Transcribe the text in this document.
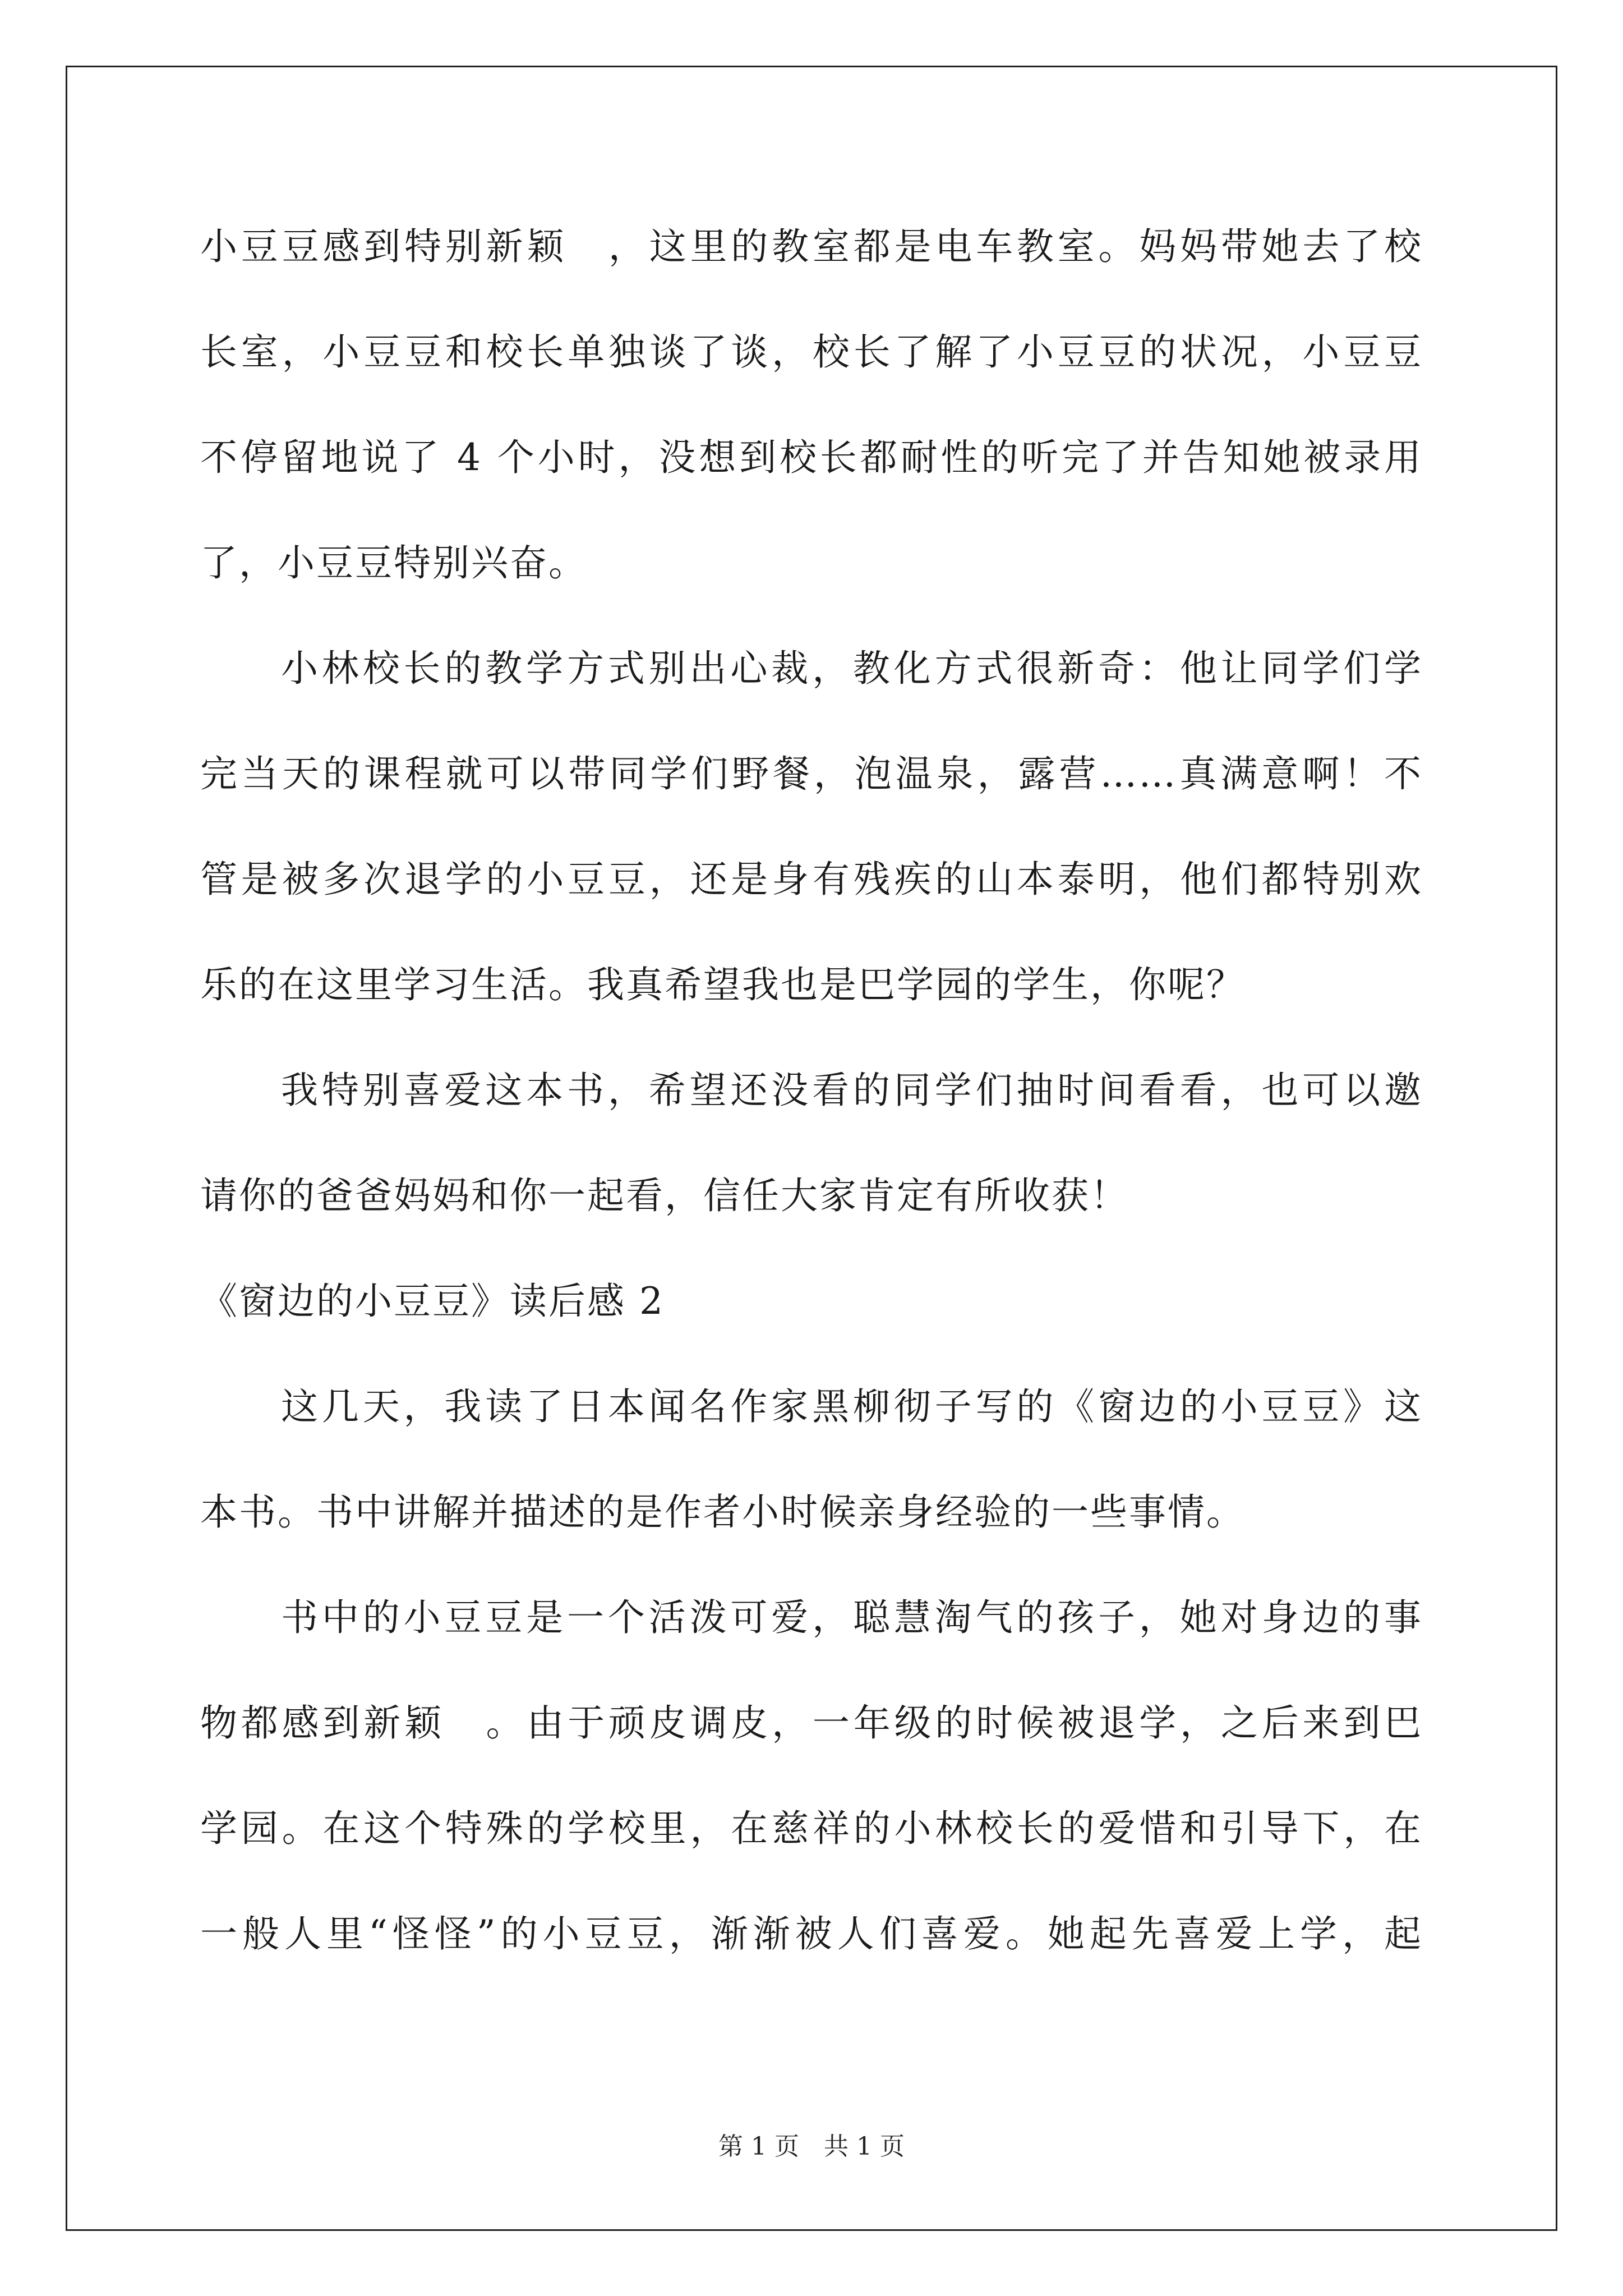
小豆豆感到特别新颖　，这里的教室都是电车教室。妈妈带她去了校
长室，小豆豆和校长单独谈了谈，校长了解了小豆豆的状况，小豆豆
不停留地说了 4 个小时，没想到校长都耐性的听完了并告知她被录用
了，小豆豆特别兴奋。
小林校长的教学方式别出心裁，教化方式很新奇：他让同学们学
完当天的课程就可以带同学们野餐，泡温泉，露营……真满意啊！不
管是被多次退学的小豆豆，还是身有残疾的山本泰明，他们都特别欢
乐的在这里学习生活。我真希望我也是巴学园的学生，你呢？
我特别喜爱这本书，希望还没看的同学们抽时间看看，也可以邀
请你的爸爸妈妈和你一起看，信任大家肯定有所收获！
《窗边的小豆豆》读后感 2
这几天，我读了日本闻名作家黑柳彻子写的《窗边的小豆豆》这
本书。书中讲解并描述的是作者小时候亲身经验的一些事情。
书中的小豆豆是一个活泼可爱，聪慧淘气的孩子，她对身边的事
物都感到新颖　。由于顽皮调皮，一年级的时候被退学，之后来到巴
学园。在这个特殊的学校里，在慈祥的小林校长的爱惜和引导下，在
一般人里“怪怪”的小豆豆，渐渐被人们喜爱。她起先喜爱上学，起
第 1 页　共 1 页
